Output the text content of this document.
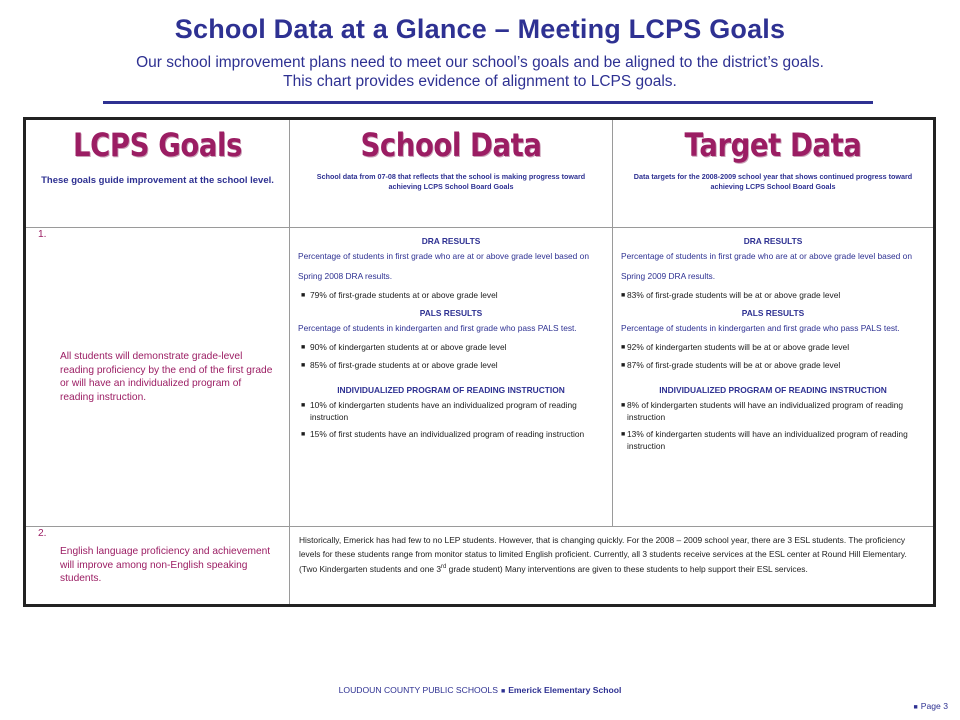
School Data at a Glance – Meeting LCPS Goals
Our school improvement plans need to meet our school’s goals and be aligned to the district’s goals. This chart provides evidence of alignment to LCPS goals.
LCPS Goals
These goals guide improvement at the school level.
School Data
School data from 07-08 that reflects that the school is making progress toward achieving LCPS School Board Goals
Target Data
Data targets for the 2008-2009 school year that shows continued progress toward achieving LCPS School Board Goals
1.
All students will demonstrate grade-level reading proficiency by the end of the first grade or will have an individualized program of reading instruction.
DRA RESULTS
Percentage of students in first grade who are at or above grade level based on Spring 2008 DRA results.
■ 79% of first-grade students at or above grade level
PALS RESULTS
Percentage of students in kindergarten and first grade who pass PALS test.
■ 90% of kindergarten students at or above grade level
■ 85% of first-grade students at or above grade level
INDIVIDUALIZED PROGRAM OF READING INSTRUCTION
■ 10% of kindergarten students have an individualized program of reading instruction
■ 15% of first students have an individualized program of reading instruction
DRA RESULTS
Percentage of students in first grade who are at or above grade level based on Spring 2009 DRA results.
■ 83% of first-grade students will be at or above grade level
PALS RESULTS
Percentage of students in kindergarten and first grade who pass PALS test.
■ 92% of kindergarten students will be at or above grade level
■ 87% of first-grade students will be at or above grade level
INDIVIDUALIZED PROGRAM OF READING INSTRUCTION
■ 8% of kindergarten students will have an individualized program of reading instruction
■ 13% of kindergarten students will have an individualized program of reading instruction
2.
English language proficiency and achievement will improve among non-English speaking students.
Historically, Emerick has had few to no LEP students. However, that is changing quickly. For the 2008 – 2009 school year, there are 3 ESL students. The proficiency levels for these students range from monitor status to limited English proficient. Currently, all 3 students receive services at the ESL center at Round Hill Elementary. (Two Kindergarten students and one 3rd grade student) Many interventions are given to these students to help support their ESL services.
LOUDOUN COUNTY PUBLIC SCHOOLS ■ Emerick Elementary School
■ Page 3
